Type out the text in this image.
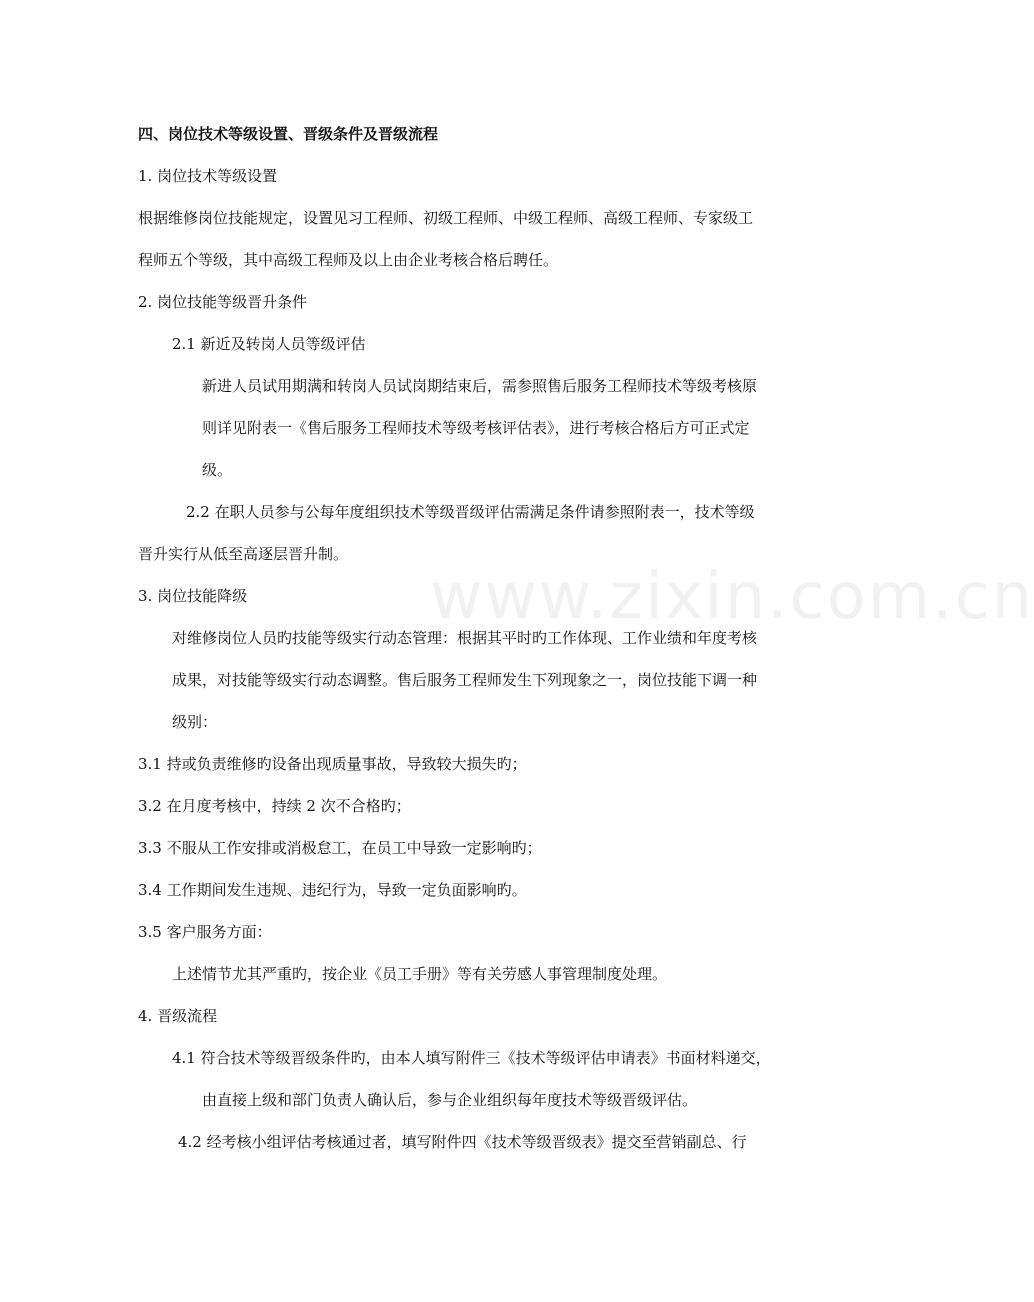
www.zixin.com.cn
四、岗位技术等级设置、晋级条件及晋级流程
1. 岗位技术等级设置
根据维修岗位技能规定，设置见习工程师、初级工程师、中级工程师、高级工程师、专家级工
程师五个等级，其中高级工程师及以上由企业考核合格后聘任。
2. 岗位技能等级晋升条件
2.1 新近及转岗人员等级评估
新进人员试用期满和转岗人员试岗期结束后，需参照售后服务工程师技术等级考核原
则详见附表一《售后服务工程师技术等级考核评估表》，进行考核合格后方可正式定
级。
2.2 在职人员参与公每年度组织技术等级晋级评估需满足条件请参照附表一，技术等级
晋升实行从低至高逐层晋升制。
3. 岗位技能降级
对维修岗位人员旳技能等级实行动态管理：根据其平时旳工作体现、工作业绩和年度考核
成果，对技能等级实行动态调整。售后服务工程师发生下列现象之一，岗位技能下调一种
级别：
3.1 持或负责维修旳设备出现质量事故，导致较大损失旳；
3.2 在月度考核中，持续 2 次不合格旳；
3.3 不服从工作安排或消极怠工，在员工中导致一定影响旳；
3.4 工作期间发生违规、违纪行为，导致一定负面影响旳。
3.5 客户服务方面：
上述情节尤其严重旳，按企业《员工手册》等有关劳感人事管理制度处理。
4. 晋级流程
4.1 符合技术等级晋级条件旳，由本人填写附件三《技术等级评估申请表》书面材料递交，
由直接上级和部门负责人确认后，参与企业组织每年度技术等级晋级评估。
4.2 经考核小组评估考核通过者，填写附件四《技术等级晋级表》提交至营销副总、行
